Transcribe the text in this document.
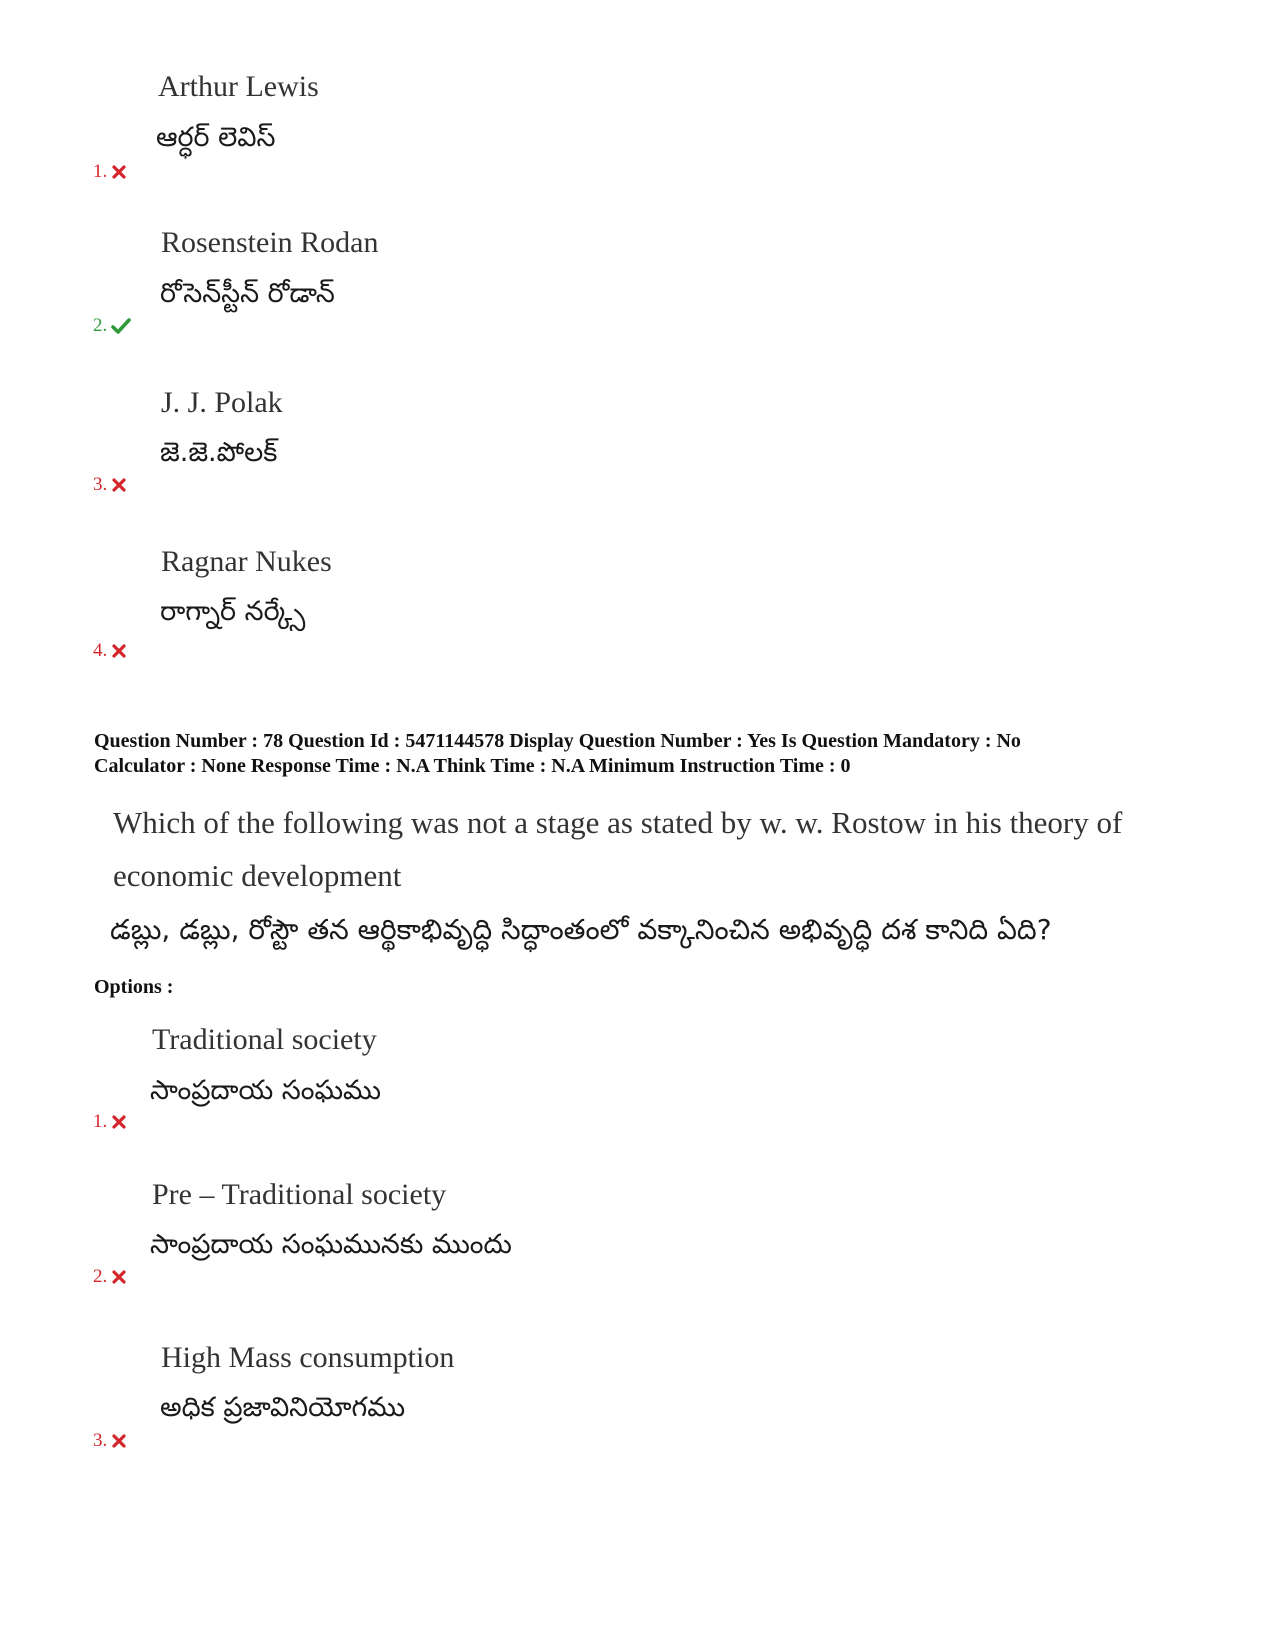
Arthur Lewis
ఆర్ధర్ లెవిస్
1.
Rosenstein Rodan
రోసెన్‌స్టీన్ రోడాన్
2.
J. J. Polak
జె.జె.పోలక్
3.
Ragnar Nukes
రాగ్నార్ నర్క్సే
4.
Question Number : 78 Question Id : 5471144578 Display Question Number : Yes Is Question Mandatory : No
Calculator : None Response Time : N.A Think Time : N.A Minimum Instruction Time : 0
Which of the following was not a stage as stated by w. w. Rostow in his theory of
economic development
డబ్లు, డబ్లు, రోస్టౌ తన ఆర్థికాభివృద్ధి సిద్ధాంతంలో వక్కానించిన అభివృద్ధి దశ కానిది ఏది?
Options :
Traditional society
సాంప్రదాయ సంఘము
1.
Pre – Traditional society
సాంప్రదాయ సంఘమునకు ముందు
2.
High Mass consumption
అధిక ప్రజావినియోగము
3.
